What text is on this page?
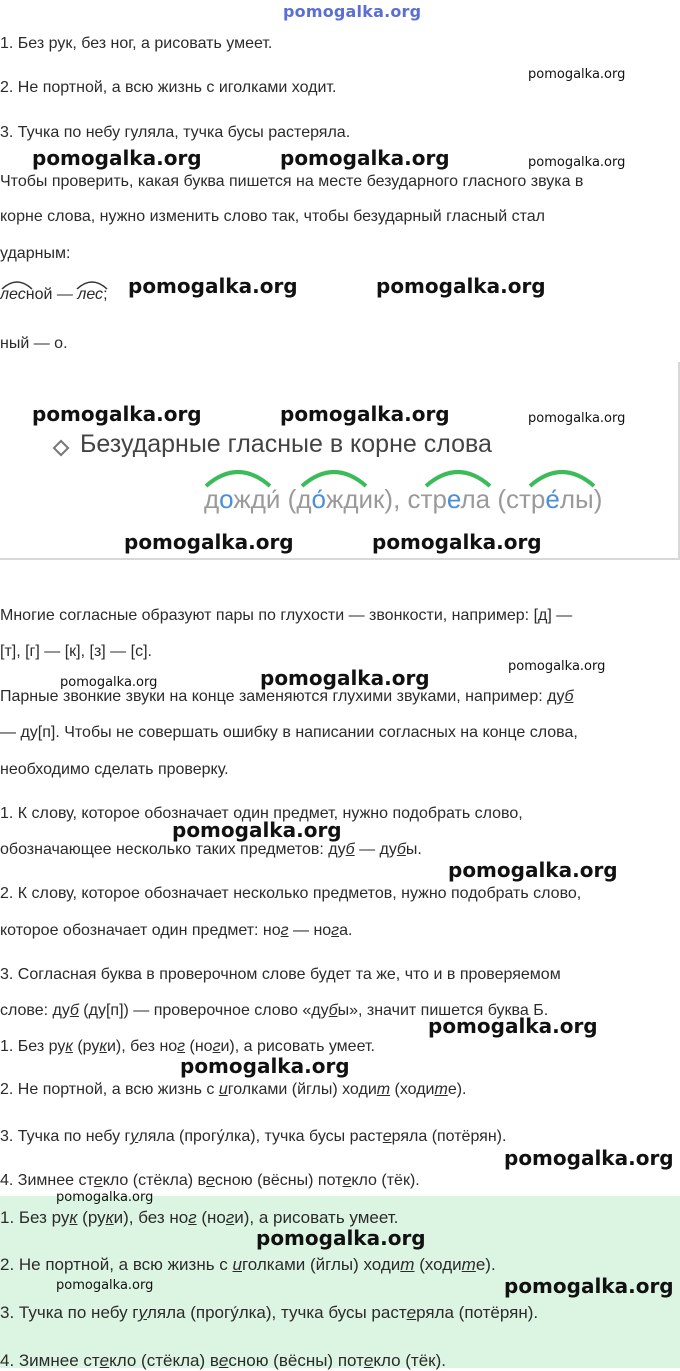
pomogalka.org
1. Без рук, без ног, а рисовать умеет.
2. Не портной, а всю жизнь с иголками ходит.
3. Тучка по небу гуляла, тучка бусы растеряла.
Чтобы проверить, какая буква пишется на месте безударного гласного звука в
корне слова, нужно изменить слово так, чтобы безударный гласный стал
ударным:
лесной —
лес;
ный — о.
Безударные гласные в корне слова
дожди́ (до́ждик), стрела (стре́лы)
Многие согласные образуют пары по глухости — звонкости, например: [д] —
[т], [г] — [к], [з] — [с].
Парные звонкие звуки на конце заменяются глухими звуками, например: дуб
— ду[п]. Чтобы не совершать ошибку в написании согласных на конце слова,
необходимо сделать проверку.
1. К слову, которое обозначает один предмет, нужно подобрать слово,
обозначающее несколько таких предметов: дуб — дубы.
2. К слову, которое обозначает несколько предметов, нужно подобрать слово,
которое обозначает один предмет: ног — нога.
3. Согласная буква в проверочном слове будет та же, что и в проверяемом
слове: дуб (ду[п]) — проверочное слово «дубы», значит пишется буква Б.
1. Без рук (руки), без ног (ноги), а рисовать умеет.
2. Не портной, а всю жизнь с иголками (йглы) ходит (ходите).
3. Тучка по небу гуляла (прогу́лка), тучка бусы растеряла (потёрян).
4. Зимнее стекло (стёкла) весною (вёсны) потекло (тёк).
1. Без рук (руки), без ног (ноги), а рисовать умеет.
2. Не портной, а всю жизнь с иголками (йглы) ходит (ходите).
3. Тучка по небу гуляла (прогу́лка), тучка бусы растеряла (потёрян).
4. Зимнее стекло (стёкла) весною (вёсны) потекло (тёк).
pomogalka.org
pomogalka.org	pomogalka.org	pomogalka.org
pomogalka.org	pomogalka.org
pomogalka.org	pomogalka.org	pomogalka.org
pomogalka.org	pomogalka.org
pomogalka.org	pomogalka.org
pomogalka.org
pomogalka.org
pomogalka.org
pomogalka.org
pomogalka.org
pomogalka.org
pomogalka.org
pomogalka.org
pomogalka.org	pomogalka.org
